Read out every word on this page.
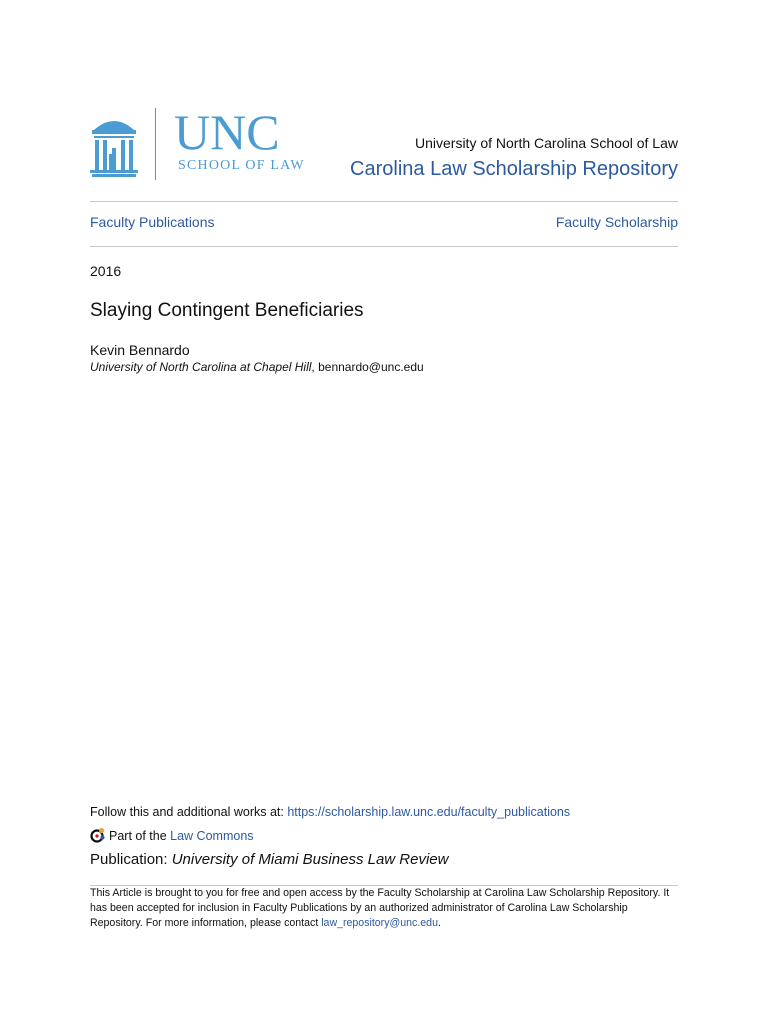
UNC
SCHOOL OF LAW
University of North Carolina School of Law
Carolina Law Scholarship Repository
Faculty Publications	Faculty Scholarship
2016
Slaying Contingent Beneficiaries
Kevin Bennardo
University of North Carolina at Chapel Hill, bennardo@unc.edu
Follow this and additional works at: https://scholarship.law.unc.edu/faculty_publications
Part of the Law Commons
Publication: University of Miami Business Law Review
This Article is brought to you for free and open access by the Faculty Scholarship at Carolina Law Scholarship Repository. It has been accepted for inclusion in Faculty Publications by an authorized administrator of Carolina Law Scholarship Repository. For more information, please contact law_repository@unc.edu.
